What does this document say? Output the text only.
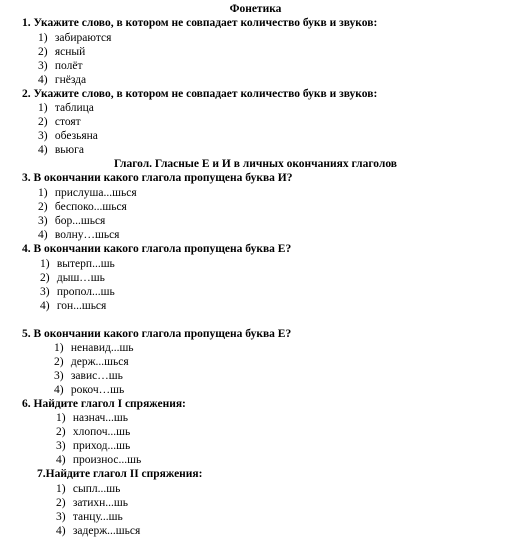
Фонетика
1. Укажите слово, в котором не совпадает количество букв и звуков:
1) забираются
2) ясный
3) полёт
4) гнёзда
2. Укажите слово, в котором не совпадает количество букв и звуков:
1) таблица
2) стоят
3) обезьяна
4) вьюга
Глагол. Гласные Е и И в личных окончаниях глаголов
3. В окончании какого глагола пропущена буква И?
1) прислуша...шься
2) беспоко...шься
3) бор...шься
4) волну…шься
4. В окончании какого глагола пропущена буква Е?
1) вытерп...шь
2) дыш…шь
3) пропол...шь
4) гон...шься
5. В окончании какого глагола пропущена буква Е?
1) ненавид...шь
2) держ...шься
3) завис…шь
4) рокоч…шь
6. Найдите глагол I спряжения:
1) назнач...шь
2) хлопоч...шь
3) приход...шь
4) произнос...шь
7.Найдите глагол II спряжения:
1) сыпл...шь
2) затихн...шь
3) танцу...шь
4) задерж...шься
